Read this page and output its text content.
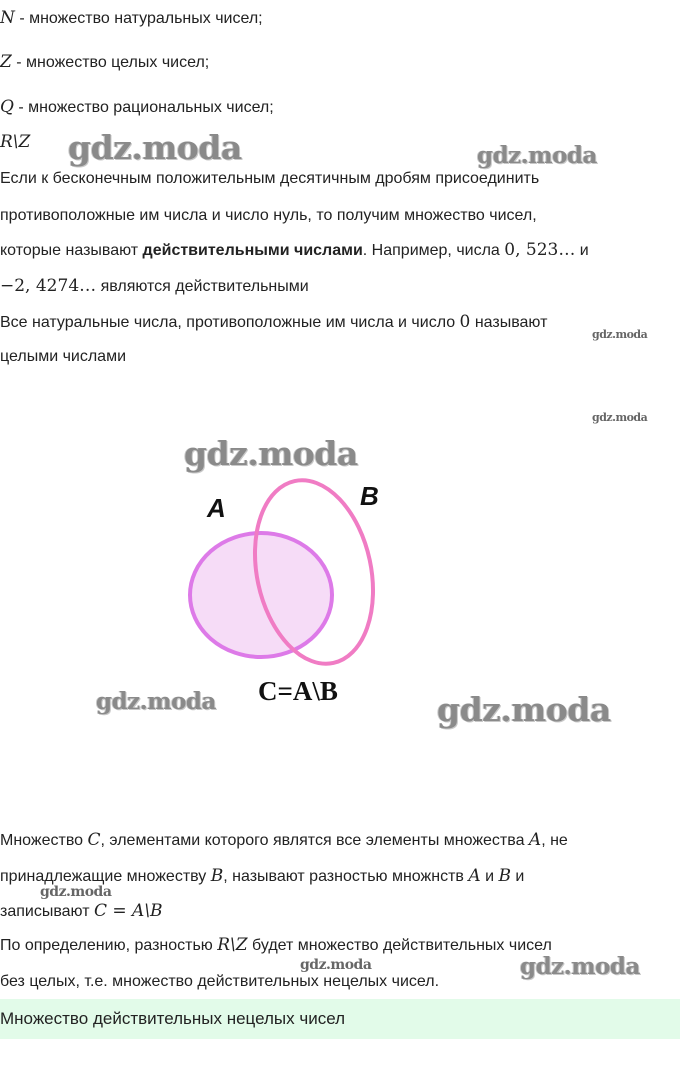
N - множество натуральных чисел;
Z - множество целых чисел;
Q - множество рациональных чисел;
R\Z
Если к бесконечным положительным десятичным дробям присоединить
противоположные им числа и число нуль, то получим множество чисел,
которые называют действительными числами. Например, числа 0, 523… и
−2, 4274… являются действительными
Все натуральные числа, противоположные им числа и число 0 называют
целыми числами
A	B
C=A\B
Множество C, элементами которого являтся все элементы множества A, не
принадлежащие множеству B, называют разностью множнств A и B и
записывают C = A\B
По определению, разностью R\Z будет множество действительных чисел
без целых, т.е. множество действительных нецелых чисел.
Множество действительных нецелых чисел
gdz.moda	gdz.moda
gdz.moda
gdz.moda
gdz.moda
gdz.moda	gdz.moda
gdz.moda
gdz.moda	gdz.moda
